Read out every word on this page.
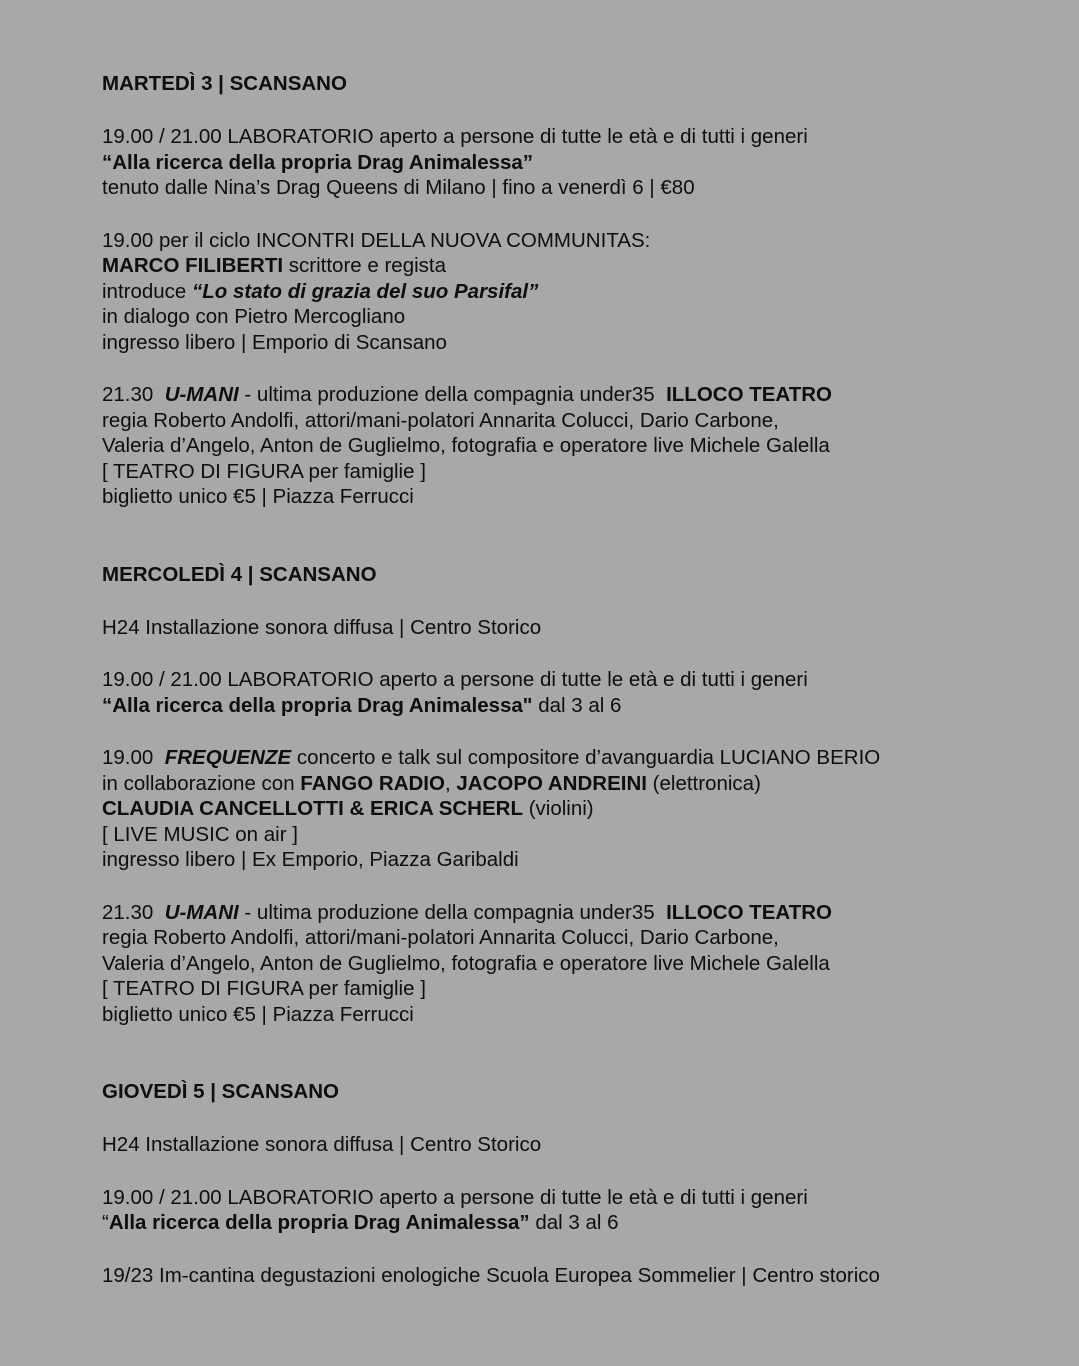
MARTEDÌ 3 | SCANSANO
19.00 / 21.00 LABORATORIO aperto a persone di tutte le età e di tutti i generi
“Alla ricerca della propria Drag Animalessa”
tenuto dalle Nina’s Drag Queens di Milano | fino a venerdì 6 | €80
19.00 per il ciclo INCONTRI DELLA NUOVA COMMUNITAS:
MARCO FILIBERTI scrittore e regista
introduce “Lo stato di grazia del suo Parsifal”
in dialogo con Pietro Mercogliano
ingresso libero | Emporio di Scansano
21.30  U-MANI - ultima produzione della compagnia under35  ILLOCO TEATRO
regia Roberto Andolfi, attori/mani-polatori Annarita Colucci, Dario Carbone,
Valeria d’Angelo, Anton de Guglielmo, fotografia e operatore live Michele Galella
[ TEATRO DI FIGURA per famiglie ]
biglietto unico €5 | Piazza Ferrucci
MERCOLEDÌ 4 | SCANSANO
H24 Installazione sonora diffusa | Centro Storico
19.00 / 21.00 LABORATORIO aperto a persone di tutte le età e di tutti i generi
“Alla ricerca della propria Drag Animalessa" dal 3 al 6
19.00  FREQUENZE concerto e talk sul compositore d’avanguardia LUCIANO BERIO
in collaborazione con FANGO RADIO, JACOPO ANDREINI (elettronica)
CLAUDIA CANCELLOTTI & ERICA SCHERL (violini)
[ LIVE MUSIC on air ]
ingresso libero | Ex Emporio, Piazza Garibaldi
21.30  U-MANI - ultima produzione della compagnia under35  ILLOCO TEATRO
regia Roberto Andolfi, attori/mani-polatori Annarita Colucci, Dario Carbone,
Valeria d’Angelo, Anton de Guglielmo, fotografia e operatore live Michele Galella
[ TEATRO DI FIGURA per famiglie ]
biglietto unico €5 | Piazza Ferrucci
GIOVEDÌ 5 | SCANSANO
H24 Installazione sonora diffusa | Centro Storico
19.00 / 21.00 LABORATORIO aperto a persone di tutte le età e di tutti i generi
“Alla ricerca della propria Drag Animalessa” dal 3 al 6
19/23 Im-cantina degustazioni enologiche Scuola Europea Sommelier | Centro storico
